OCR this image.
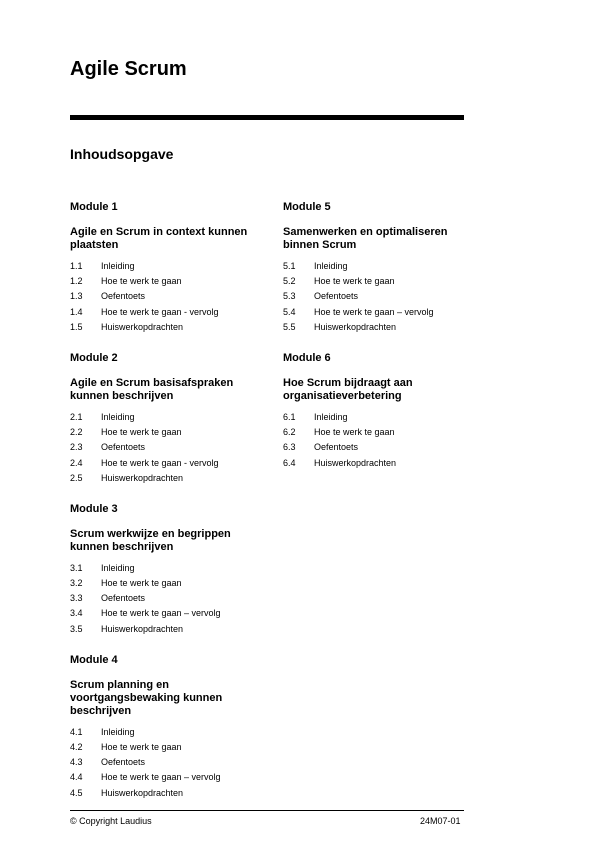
Agile Scrum
Inhoudsopgave
Module 1
Agile en Scrum in context kunnen plaatsten
1.1 Inleiding
1.2 Hoe te werk te gaan
1.3 Oefentoets
1.4 Hoe te werk te gaan - vervolg
1.5 Huiswerkopdrachten
Module 2
Agile en Scrum basisafspraken kunnen beschrijven
2.1 Inleiding
2.2 Hoe te werk te gaan
2.3 Oefentoets
2.4 Hoe te werk te gaan - vervolg
2.5 Huiswerkopdrachten
Module 3
Scrum werkwijze en begrippen kunnen beschrijven
3.1 Inleiding
3.2 Hoe te werk te gaan
3.3 Oefentoets
3.4 Hoe te werk te gaan – vervolg
3.5 Huiswerkopdrachten
Module 4
Scrum planning en voortgangsbewaking kunnen beschrijven
4.1 Inleiding
4.2 Hoe te werk te gaan
4.3 Oefentoets
4.4 Hoe te werk te gaan – vervolg
4.5 Huiswerkopdrachten
Module 5
Samenwerken en optimaliseren binnen Scrum
5.1 Inleiding
5.2 Hoe te werk te gaan
5.3 Oefentoets
5.4 Hoe te werk te gaan – vervolg
5.5 Huiswerkopdrachten
Module 6
Hoe Scrum bijdraagt aan organisatieverbetering
6.1 Inleiding
6.2 Hoe te werk te gaan
6.3 Oefentoets
6.4 Huiswerkopdrachten
© Copyright Laudius	24M07-01
